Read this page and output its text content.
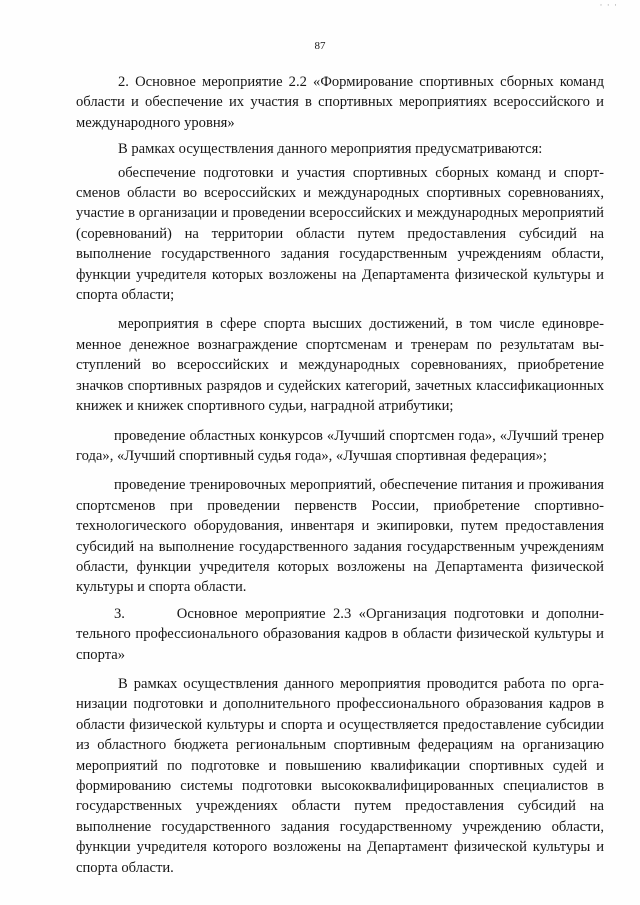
· · ·
87

2. Основное мероприятие 2.2 «Формирование спортивных сборных команд области и обеспечение их участия в спортивных мероприятиях всероссийского и международного уровня»

В рамках осуществления данного мероприятия предусматриваются:

обеспечение подготовки и участия спортивных сборных команд и спортсменов области во всероссийских и международных спортивных соревнованиях, участие в организации и проведении всероссийских и международных мероприятий (соревнований) на территории области путем предоставления субсидий на выполнение государственного задания государственным учреждениям области, функции учредителя которых возложены на Департамента физической культуры и спорта области;

мероприятия в сфере спорта высших достижений, в том числе единовременное денежное вознаграждение спортсменам и тренерам по результатам выступлений во всероссийских и международных соревнованиях, приобретение значков спортивных разрядов и судейских категорий, зачетных классификационных книжек и книжек спортивного судьи, наградной атрибутики;

проведение областных конкурсов «Лучший спортсмен года», «Лучший тренер года», «Лучший спортивный судья года», «Лучшая спортивная федерация»;

проведение тренировочных мероприятий, обеспечение питания и проживания спортсменов при проведении первенств России, приобретение спортивно-технологического оборудования, инвентаря и экипировки, путем предоставления субсидий на выполнение государственного задания государственным учреждениям области, функции учредителя которых возложены на Департамента физической культуры и спорта области.

3.       Основное мероприятие 2.3 «Организация подготовки и дополнительного профессионального образования кадров в области физической культуры и спорта»

В рамках осуществления данного мероприятия проводится работа по организации подготовки и дополнительного профессионального образования кадров в области физической культуры и спорта и осуществляется предоставление субсидии из областного бюджета региональным спортивным федерациям на организацию мероприятий по подготовке и повышению квалификации спортивных судей и формированию системы подготовки высококвалифицированных специалистов в государственных учреждениях области путем предоставления субсидий на выполнение государственного задания государственному учреждению области, функции учредителя которого возложены на Департамент физической культуры и спорта области.
